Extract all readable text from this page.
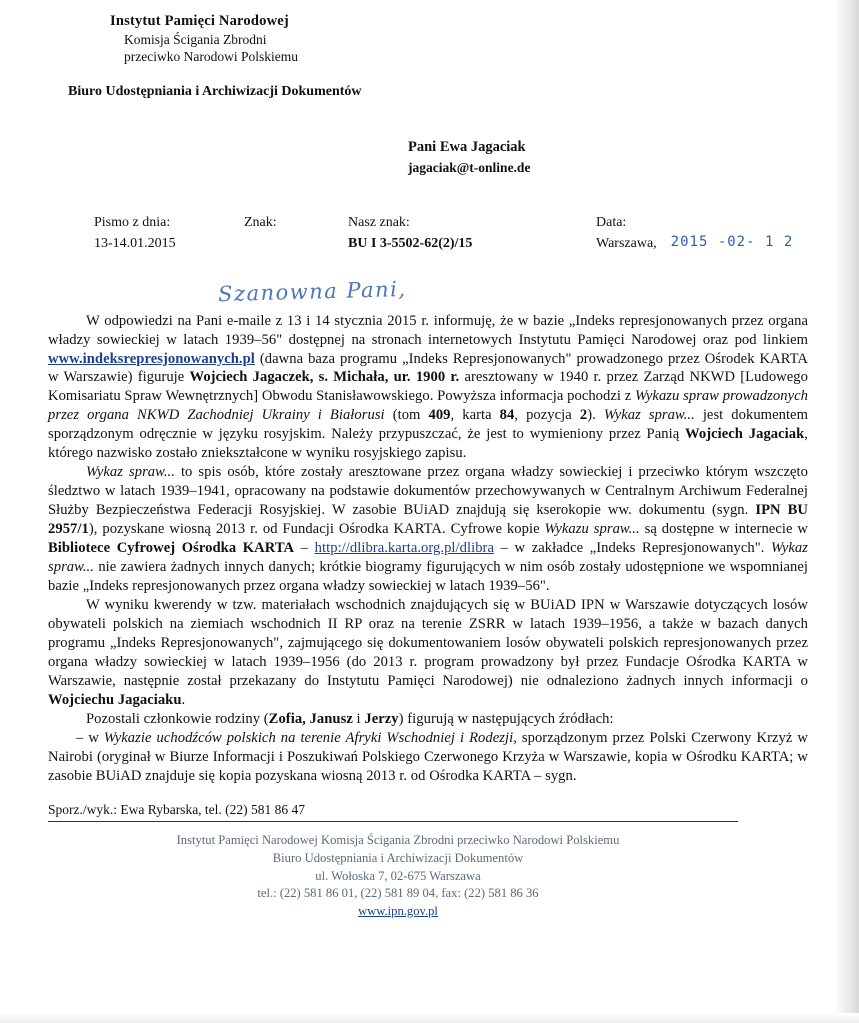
Instytut Pamięci Narodowej
Komisja Ścigania Zbrodni
przeciwko Narodowi Polskiemu
Biuro Udostępniania i Archiwizacji Dokumentów
Pani Ewa Jagaciak
jagaciak@t-online.de
Pismo z dnia:
13-14.01.2015
Znak:	Nasz znak:
BU I 3-5502-62(2)/15
Data:
Warszawa, 2015 -02- 1 2
Szanowna Pani,

W odpowiedzi na Pani e-maile z 13 i 14 stycznia 2015 r. informuję, że w bazie „Indeks represjonowanych przez organa władzy sowieckiej w latach 1939–56" dostępnej na stronach internetowych Instytutu Pamięci Narodowej oraz pod linkiem www.indeksrepresjonowanych.pl (dawna baza programu „Indeks Represjonowanych" prowadzonego przez Ośrodek KARTA w Warszawie) figuruje Wojciech Jagaczek, s. Michała, ur. 1900 r. aresztowany w 1940 r. przez Zarząd NKWD [Ludowego Komisariatu Spraw Wewnętrznych] Obwodu Stanisławowskiego. Powyższa informacja pochodzi z Wykazu spraw prowadzonych przez organa NKWD Zachodniej Ukrainy i Białorusi (tom 409, karta 84, pozycja 2). Wykaz spraw... jest dokumentem sporządzonym odręcznie w języku rosyjskim. Należy przypuszczać, że jest to wymieniony przez Panią Wojciech Jagaciak, którego nazwisko zostało zniekształcone w wyniku rosyjskiego zapisu.

Wykaz spraw... to spis osób, które zostały aresztowane przez organa władzy sowieckiej i przeciwko którym wszczęto śledztwo w latach 1939–1941, opracowany na podstawie dokumentów przechowywanych w Centralnym Archiwum Federalnej Służby Bezpieczeństwa Federacji Rosyjskiej. W zasobie BUiAD znajdują się kserokopie ww. dokumentu (sygn. IPN BU 2957/1), pozyskane wiosną 2013 r. od Fundacji Ośrodka KARTA. Cyfrowe kopie Wykazu spraw... są dostępne w internecie w Bibliotece Cyfrowej Ośrodka KARTA – http://dlibra.karta.org.pl/dlibra – w zakładce „Indeks Represjonowanych". Wykaz spraw... nie zawiera żadnych innych danych; krótkie biogramy figurujących w nim osób zostały udostępnione we wspomnianej bazie „Indeks represjonowanych przez organa władzy sowieckiej w latach 1939–56".

W wyniku kwerendy w tzw. materiałach wschodnich znajdujących się w BUiAD IPN w Warszawie dotyczących losów obywateli polskich na ziemiach wschodnich II RP oraz na terenie ZSRR w latach 1939–1956, a także w bazach danych programu „Indeks Represjonowanych", zajmującego się dokumentowaniem losów obywateli polskich represjonowanych przez organa władzy sowieckiej w latach 1939–1956 (do 2013 r. program prowadzony był przez Fundacje Ośrodka KARTA w Warszawie, następnie został przekazany do Instytutu Pamięci Narodowej) nie odnaleziono żadnych innych informacji o Wojciechu Jagaciaku.

Pozostali członkowie rodziny (Zofia, Janusz i Jerzy) figurują w następujących źródłach:

– w Wykazie uchodźców polskich na terenie Afryki Wschodniej i Rodezji, sporządzonym przez Polski Czerwony Krzyż w Nairobi (oryginał w Biurze Informacji i Poszukiwań Polskiego Czerwonego Krzyża w Warszawie, kopia w Ośrodku KARTA; w zasobie BUiAD znajduje się kopia pozyskana wiosną 2013 r. od Ośrodka KARTA – sygn.

Sporz./wyk.: Ewa Rybarska, tel. (22) 581 86 47
Instytut Pamięci Narodowej Komisja Ścigania Zbrodni przeciwko Narodowi Polskiemu
Biuro Udostępniania i Archiwizacji Dokumentów
ul. Wołoska 7, 02-675 Warszawa
tel.: (22) 581 86 01, (22) 581 89 04, fax: (22) 581 86 36
www.ipn.gov.pl
